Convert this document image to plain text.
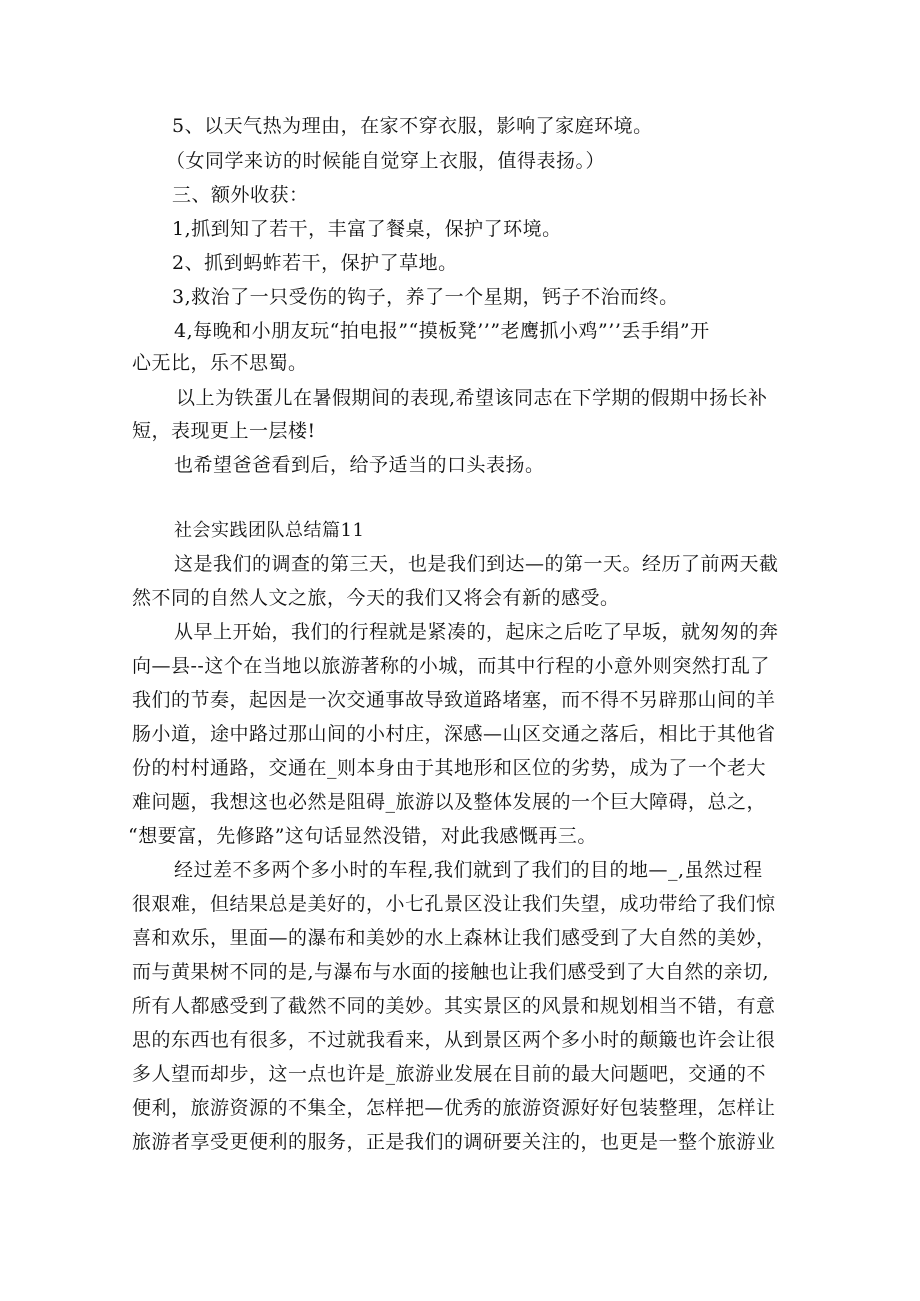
5、以天气热为理由，在家不穿衣服，影响了家庭环境。

（女同学来访的时候能自觉穿上衣服，值得表扬。）

三、额外收获：

1,抓到知了若干，丰富了餐桌，保护了环境。

2、抓到蚂蚱若干，保护了草地。

3,救治了一只受伤的钩子，养了一个星期，钙子不治而终。

4,每晚和小朋友玩“拍电报”“摸板凳’’”老鹰抓小鸡”’’丢手绢”开

心无比，乐不思蜀。

以上为铁蛋儿在暑假期间的表现,希望该同志在下学期的假期中扬长补

短，表现更上一层楼!

也希望爸爸看到后，给予适当的口头表扬。

社会实践团队总结篇11

这是我们的调查的第三天，也是我们到达—的第一天。经历了前两天截

然不同的自然人文之旅，今天的我们又将会有新的感受。

从早上开始，我们的行程就是紧凑的，起床之后吃了早坂，就匆匆的奔

向—县--这个在当地以旅游著称的小城，而其中行程的小意外则突然打乱了

我们的节奏，起因是一次交通事故导致道路堵塞，而不得不另辟那山间的羊

肠小道，途中路过那山间的小村庄，深感—山区交通之落后，相比于其他省

份的村村通路，交通在_则本身由于其地形和区位的劣势，成为了一个老大

难问题，我想这也必然是阻碍_旅游以及整体发展的一个巨大障碍，总之，

“想要富，先修路”这句话显然没错，对此我感慨再三。

经过差不多两个多小时的车程,我们就到了我们的目的地—_,虽然过程

很艰难，但结果总是美好的，小七孔景区没让我们失望，成功带给了我们惊

喜和欢乐，里面—的瀑布和美妙的水上森林让我们感受到了大自然的美妙，

而与黄果树不同的是,与瀑布与水面的接触也让我们感受到了大自然的亲切,

所有人都感受到了截然不同的美妙。其实景区的风景和规划相当不错，有意

思的东西也有很多，不过就我看来，从到景区两个多小时的颠簸也许会让很

多人望而却步，这一点也许是_旅游业发展在目前的最大问题吧，交通的不

便利，旅游资源的不集全，怎样把—优秀的旅游资源好好包装整理，怎样让

旅游者享受更便利的服务，正是我们的调研要关注的，也更是一整个旅游业
